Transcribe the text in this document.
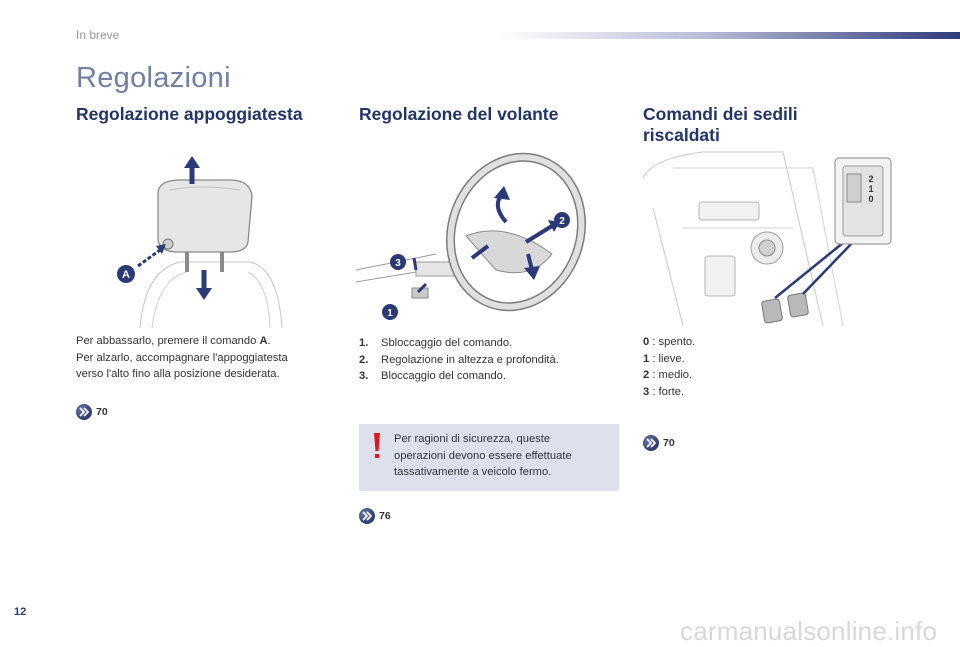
In breve
Regolazioni
Regolazione appoggiatesta
A
Per abbassarlo, premere il comando A.
Per alzarlo, accompagnare l'appoggiatesta
verso l'alto fino alla posizione desiderata.
70
Regolazione del volante
2
3
1
1. Sbloccaggio del comando.
2. Regolazione in altezza e profondità.
3. Bloccaggio del comando.
Per ragioni di sicurezza, queste
operazioni devono essere effettuate
tassativamente a veicolo fermo.
76
Comandi dei sedili
riscaldati
2
1
0
0 : spento.
1 : lieve.
2 : medio.
3 : forte.
70
12
carmanualsonline.info
